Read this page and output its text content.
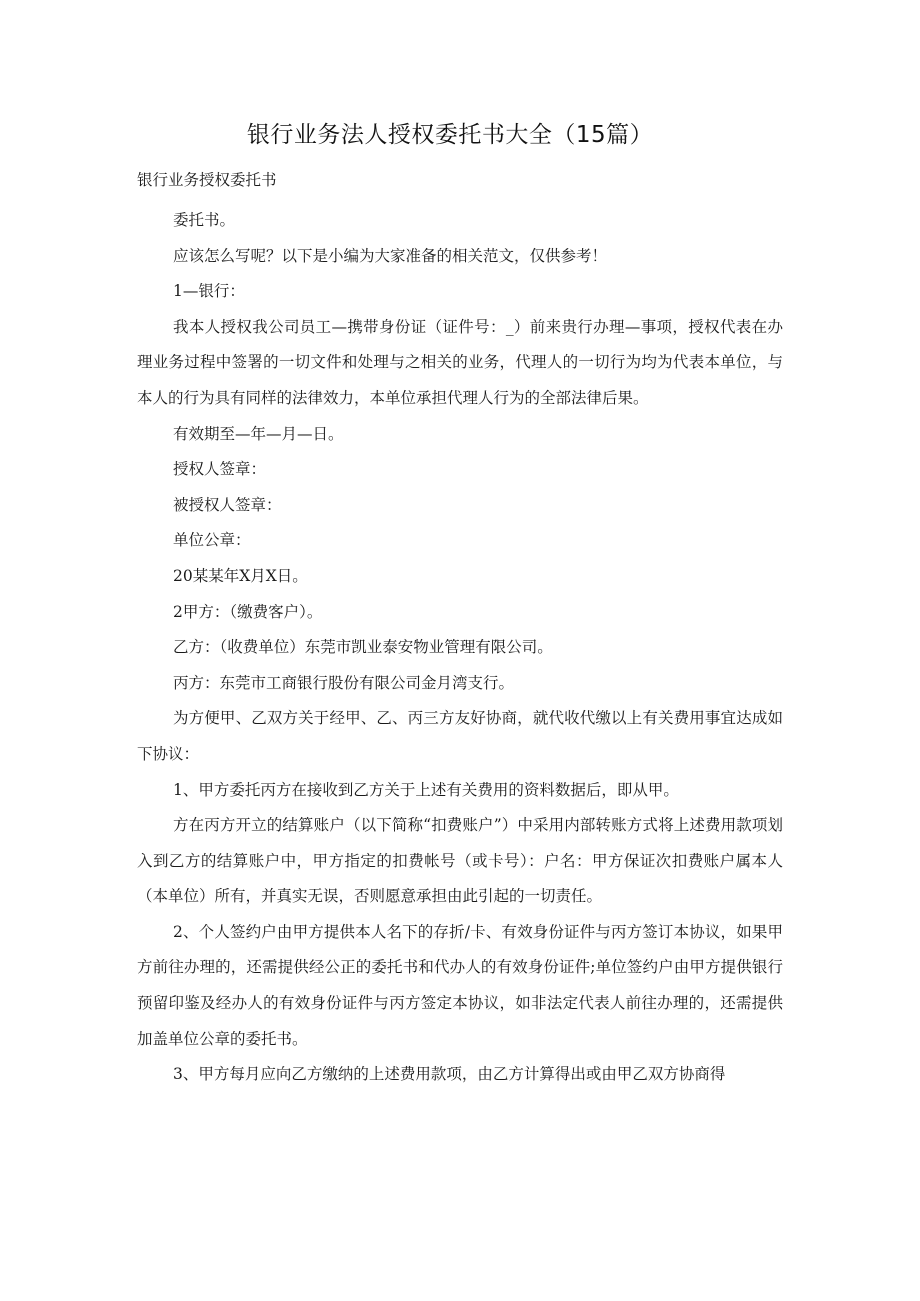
银行业务法人授权委托书大全（15篇）

银行业务授权委托书

委托书。

应该怎么写呢？以下是小编为大家准备的相关范文，仅供参考！

1—银行：

我本人授权我公司员工—携带身份证（证件号：_）前来贵行办理—事项，授权代表在办理业务过程中签署的一切文件和处理与之相关的业务，代理人的一切行为均为代表本单位，与本人的行为具有同样的法律效力，本单位承担代理人行为的全部法律后果。

有效期至—年—月—日。

授权人签章：

被授权人签章：

单位公章：

20某某年X月X日。

2甲方：（缴费客户）。

乙方：（收费单位）东莞市凯业泰安物业管理有限公司。

丙方：东莞市工商银行股份有限公司金月湾支行。

为方便甲、乙双方关于经甲、乙、丙三方友好协商，就代收代缴以上有关费用事宜达成如下协议：

1、甲方委托丙方在接收到乙方关于上述有关费用的资料数据后，即从甲。

方在丙方开立的结算账户（以下简称“扣费账户”）中采用内部转账方式将上述费用款项划入到乙方的结算账户中，甲方指定的扣费帐号（或卡号）：户名：甲方保证次扣费账户属本人（本单位）所有，并真实无误，否则愿意承担由此引起的一切责任。

2、个人签约户由甲方提供本人名下的存折/卡、有效身份证件与丙方签订本协议，如果甲方前往办理的，还需提供经公正的委托书和代办人的有效身份证件;单位签约户由甲方提供银行预留印鉴及经办人的有效身份证件与丙方签定本协议，如非法定代表人前往办理的，还需提供加盖单位公章的委托书。

3、甲方每月应向乙方缴纳的上述费用款项，由乙方计算得出或由甲乙双方协商得
